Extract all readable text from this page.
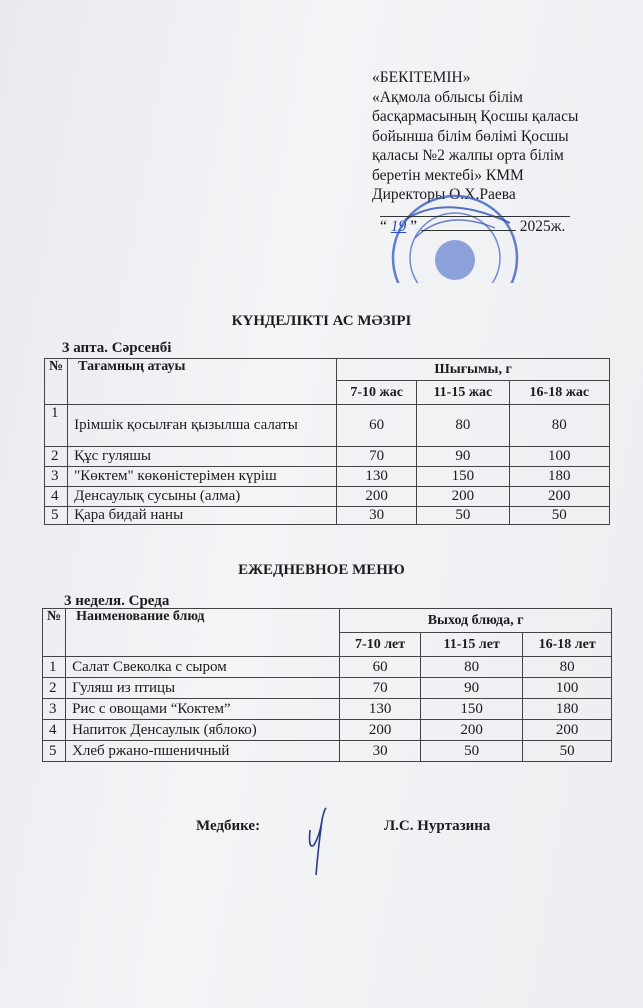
«БЕКІТЕМІН»
«Ақмола облысы білім
басқармасының Қосшы қаласы
бойынша білім бөлімі Қосшы
қаласы №2 жалпы орта білім
беретін мектебі» КММ
Директоры О.Х.Раева
“ 19 ”	2025ж.
КҮНДЕЛІКТІ АС МӘЗІРІ
3 апта. Сәрсенбі
№	Тағамның атауы	Шығымы, г		
		7-10 жас	11-15 жас	16-18 жас
1	Ірімшік қосылған қызылша салаты	60	80	80
2	Құс гуляшы	70	90	100
3	"Көктем" көкөністерімен күріш	130	150	180
4	Денсаулық сусыны (алма)	200	200	200
5	Қара бидай наны	30	50	50
ЕЖЕДНЕВНОЕ МЕНЮ
3 неделя. Среда
№	Наименование блюд	Выход блюда, г		
		7-10 лет	11-15 лет	16-18 лет
1	Салат Свеколка с сыром	60	80	80
2	Гуляш из птицы	70	90	100
3	Рис с овощами “Коктем”	130	150	180
4	Напиток Денсаулык (яблоко)	200	200	200
5	Хлеб ржано-пшеничный	30	50	50
Медбике:	Л.С. Нуртазина
